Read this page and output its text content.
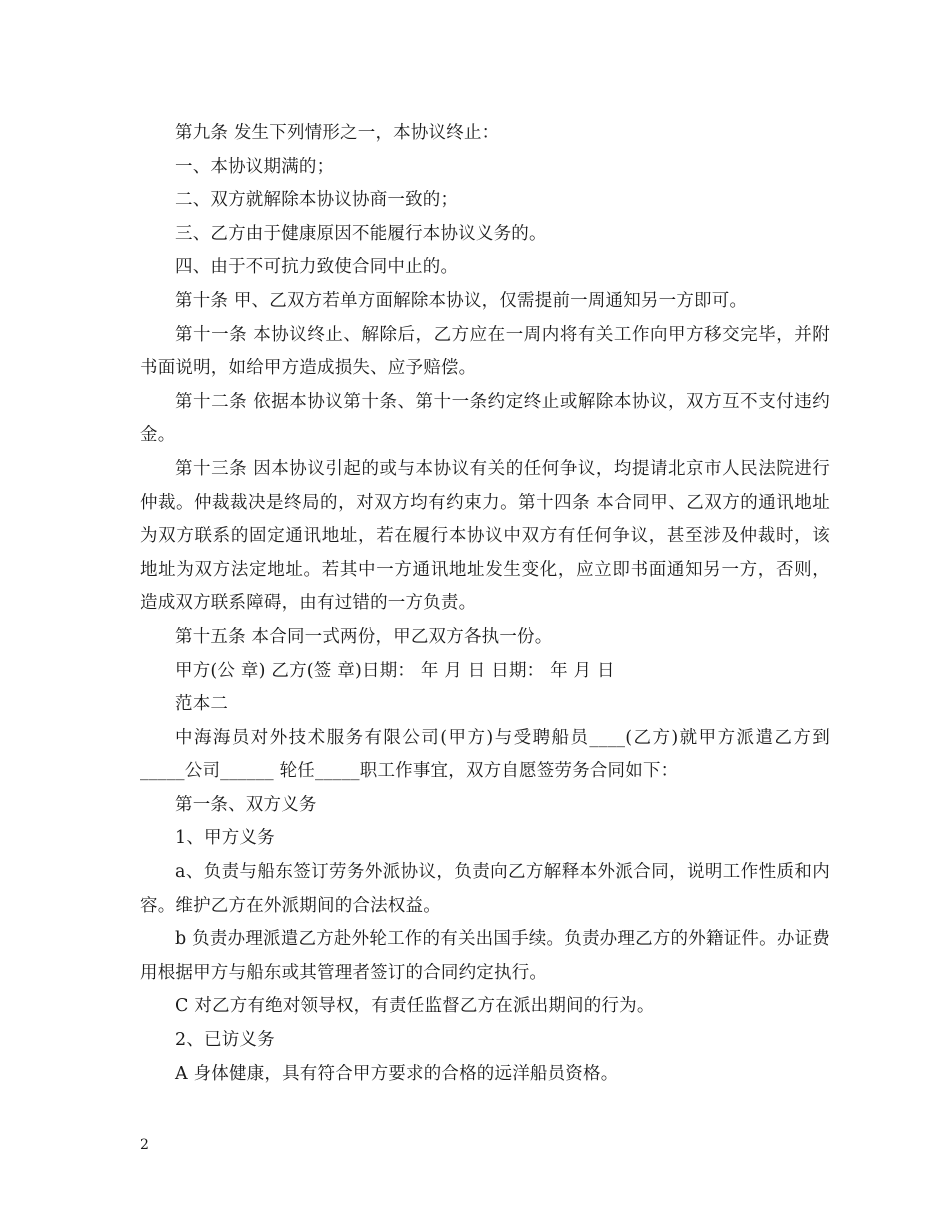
第九条 发生下列情形之一，本协议终止：

一、本协议期满的；

二、双方就解除本协议协商一致的；

三、乙方由于健康原因不能履行本协议义务的。

四、由于不可抗力致使合同中止的。

第十条 甲、乙双方若单方面解除本协议，仅需提前一周通知另一方即可。

第十一条 本协议终止、解除后，乙方应在一周内将有关工作向甲方移交完毕，并附书面说明，如给甲方造成损失、应予赔偿。

第十二条 依据本协议第十条、第十一条约定终止或解除本协议，双方互不支付违约金。

第十三条 因本协议引起的或与本协议有关的任何争议，均提请北京市人民法院进行仲裁。仲裁裁决是终局的，对双方均有约束力。第十四条 本合同甲、乙双方的通讯地址为双方联系的固定通讯地址，若在履行本协议中双方有任何争议，甚至涉及仲裁时，该地址为双方法定地址。若其中一方通讯地址发生变化，应立即书面通知另一方，否则，造成双方联系障碍，由有过错的一方负责。

第十五条 本合同一式两份，甲乙双方各执一份。

甲方(公 章) 乙方(签 章)日期： 年 月 日 日期： 年 月 日

范本二

中海海员对外技术服务有限公司(甲方)与受聘船员____(乙方)就甲方派遣乙方到_____公司______ 轮任_____职工作事宜，双方自愿签劳务合同如下：

第一条、双方义务

1、甲方义务

a、负责与船东签订劳务外派协议，负责向乙方解释本外派合同，说明工作性质和内容。维护乙方在外派期间的合法权益。

b 负责办理派遣乙方赴外轮工作的有关出国手续。负责办理乙方的外籍证件。办证费用根据甲方与船东或其管理者签订的合同约定执行。

C 对乙方有绝对领导权，有责任监督乙方在派出期间的行为。

2、已访义务

A 身体健康，具有符合甲方要求的合格的远洋船员资格。

2
